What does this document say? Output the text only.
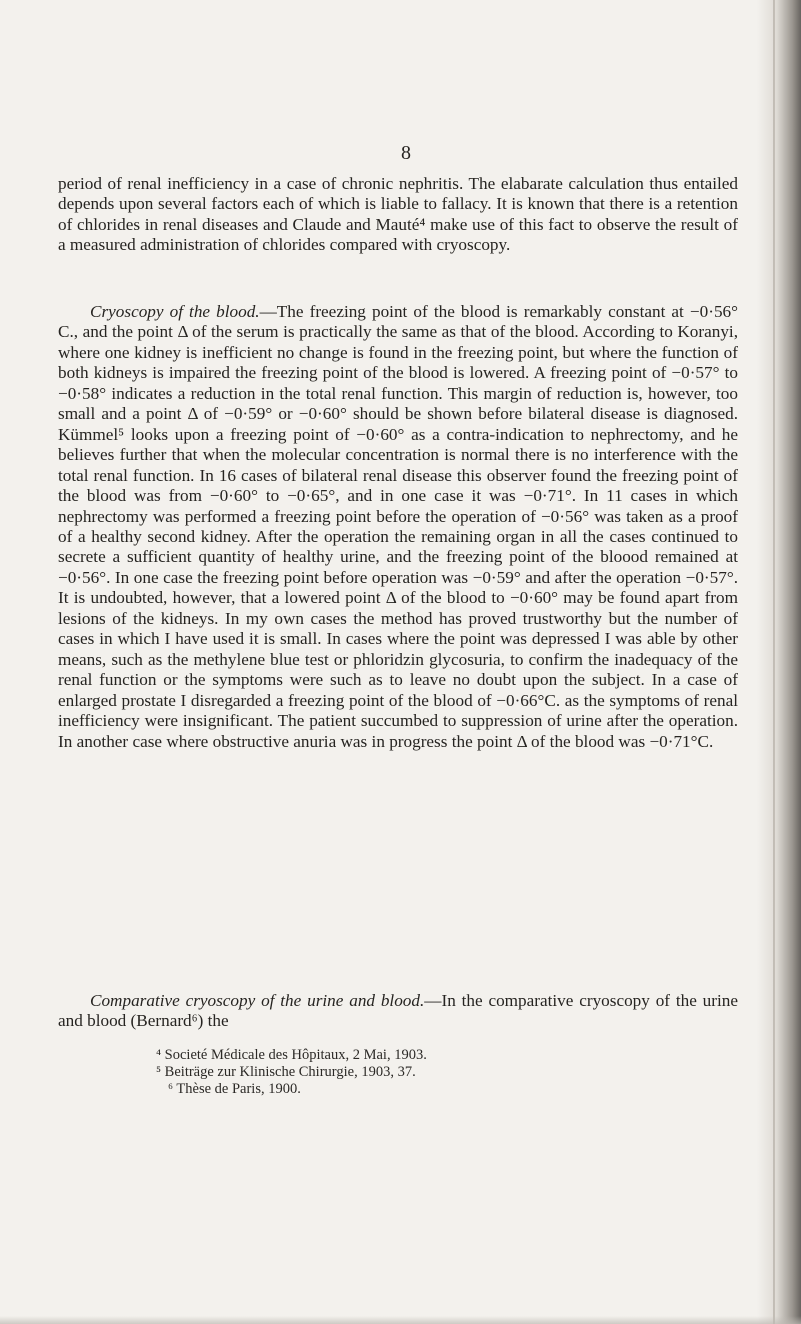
8

period of renal inefficiency in a case of chronic nephritis. The elabarate calculation thus entailed depends upon several factors each of which is liable to fallacy. It is known that there is a retention of chlorides in renal diseases and Claude and Mauté⁴ make use of this fact to observe the result of a measured administration of chlorides compared with cryoscopy.

Cryoscopy of the blood.—The freezing point of the blood is remarkably constant at −0·56° C., and the point Δ of the serum is practically the same as that of the blood. According to Koranyi, where one kidney is inefficient no change is found in the freezing point, but where the function of both kidneys is impaired the freezing point of the blood is lowered. A freezing point of −0·57° to −0·58° indicates a reduction in the total renal function. This margin of reduction is, however, too small and a point Δ of −0·59° or −0·60° should be shown before bilateral disease is diagnosed. Kümmel⁵ looks upon a freezing point of −0·60° as a contra-indication to nephrectomy, and he believes further that when the molecular concentration is normal there is no interference with the total renal function. In 16 cases of bilateral renal disease this observer found the freezing point of the blood was from −0·60° to −0·65°, and in one case it was −0·71°. In 11 cases in which nephrectomy was performed a freezing point before the operation of −0·56° was taken as a proof of a healthy second kidney. After the operation the remaining organ in all the cases continued to secrete a sufficient quantity of healthy urine, and the freezing point of the bloood remained at −0·56°. In one case the freezing point before operation was −0·59° and after the operation −0·57°. It is undoubted, however, that a lowered point Δ of the blood to −0·60° may be found apart from lesions of the kidneys. In my own cases the method has proved trustworthy but the number of cases in which I have used it is small. In cases where the point was depressed I was able by other means, such as the methylene blue test or phloridzin glycosuria, to confirm the inadequacy of the renal function or the symptoms were such as to leave no doubt upon the subject. In a case of enlarged prostate I disregarded a freezing point of the blood of −0·66°C. as the symptoms of renal inefficiency were insignificant. The patient succumbed to suppression of urine after the operation. In another case where obstructive anuria was in progress the point Δ of the blood was −0·71°C.

Comparative cryoscopy of the urine and blood.—In the comparative cryoscopy of the urine and blood (Bernard⁶) the

⁴ Societé Médicale des Hôpitaux, 2 Mai, 1903.

⁵ Beiträge zur Klinische Chirurgie, 1903, 37.

⁶ Thèse de Paris, 1900.
